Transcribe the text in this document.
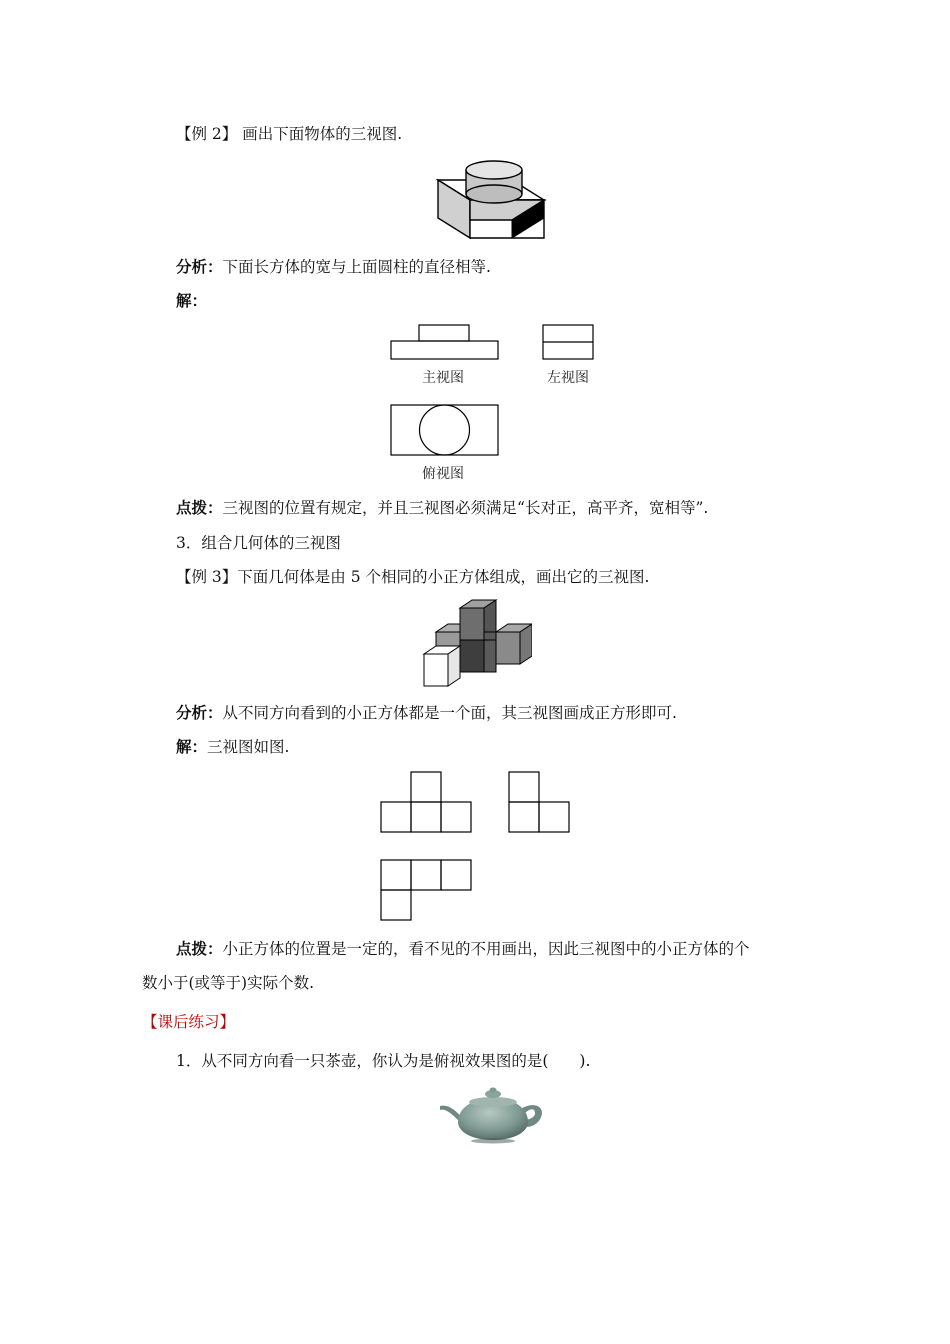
【例 2】 画出下面物体的三视图.
分析：下面长方体的宽与上面圆柱的直径相等.
解：
主视图	左视图
俯视图
点拨：三视图的位置有规定，并且三视图必须满足“长对正，高平齐，宽相等”.
3．组合几何体的三视图
【例 3】下面几何体是由 5 个相同的小正方体组成，画出它的三视图.
分析：从不同方向看到的小正方体都是一个面，其三视图画成正方形即可.
解：三视图如图.
点拨：小正方体的位置是一定的，看不见的不用画出，因此三视图中的小正方体的个
数小于(或等于)实际个数.
【课后练习】
1．从不同方向看一只茶壶，你认为是俯视效果图的是(　　).
